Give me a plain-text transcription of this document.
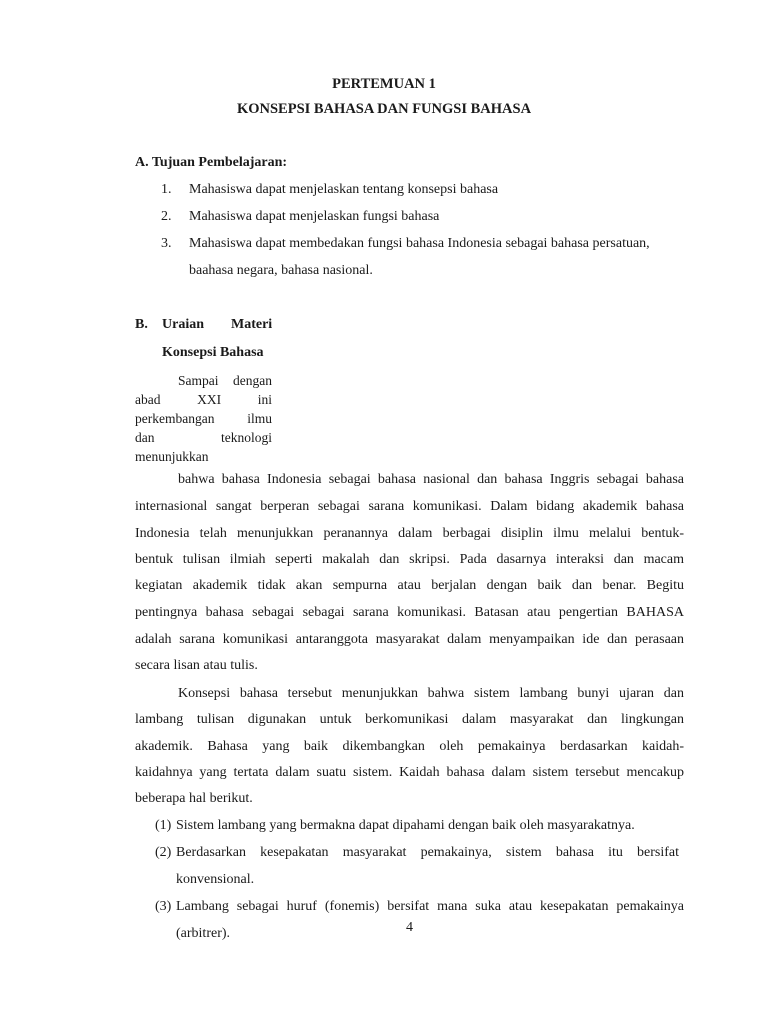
PERTEMUAN 1
KONSEPSI BAHASA DAN FUNGSI BAHASA
A. Tujuan Pembelajaran:
1. Mahasiswa dapat menjelaskan tentang konsepsi bahasa
2. Mahasiswa dapat menjelaskan fungsi bahasa
3. Mahasiswa dapat membedakan fungsi bahasa Indonesia sebagai bahasa persatuan,
baahasa negara, bahasa nasional.
B. Uraian Materi
Konsepsi Bahasa
Sampai dengan
abad	XXI	ini
perkembangan ilmu
dan	teknologi
menunjukkan
bahwa bahasa Indonesia sebagai bahasa nasional dan bahasa Inggris sebagai bahasa
internasional sangat berperan sebagai sarana komunikasi. Dalam bidang akademik bahasa
Indonesia telah menunjukkan peranannya dalam berbagai disiplin ilmu melalui bentuk-
bentuk tulisan ilmiah seperti makalah dan skripsi. Pada dasarnya interaksi dan macam
kegiatan akademik tidak akan sempurna atau berjalan dengan baik dan benar. Begitu
pentingnya bahasa sebagai sebagai sarana komunikasi. Batasan atau pengertian BAHASA
adalah sarana komunikasi antaranggota masyarakat dalam menyampaikan ide dan perasaan
secara lisan atau tulis.
Konsepsi bahasa tersebut menunjukkan bahwa sistem lambang bunyi ujaran dan
lambang tulisan digunakan untuk berkomunikasi dalam masyarakat dan lingkungan
akademik. Bahasa yang baik dikembangkan oleh pemakainya berdasarkan kaidah-
kaidahnya yang tertata dalam suatu sistem. Kaidah bahasa dalam sistem tersebut mencakup
beberapa hal berikut.
(1) Sistem lambang yang bermakna dapat dipahami dengan baik oleh masyarakatnya.
(2) Berdasarkan kesepakatan masyarakat pemakainya, sistem bahasa itu bersifat
konvensional.
(3) Lambang sebagai huruf (fonemis) bersifat mana suka atau kesepakatan pemakainya
(arbitrer).	4
